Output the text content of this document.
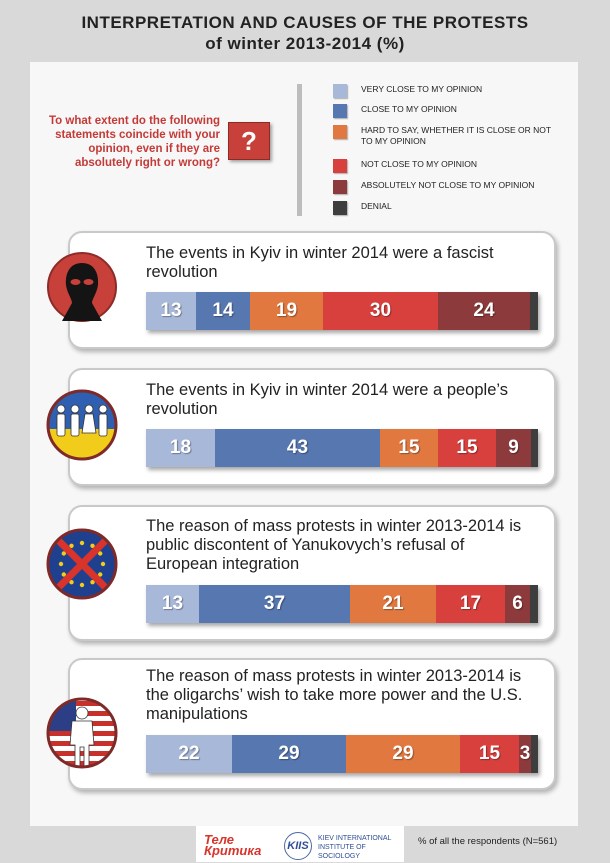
INTERPRETATION AND CAUSES OF THE PROTESTS
of winter 2013-2014 (%)
To what extent do the following statements coincide with your opinion, even if they are absolutely right or wrong?
?
VERY CLOSE TO MY OPINION
CLOSE TO MY OPINION
HARD TO SAY, WHETHER IT IS CLOSE OR NOT TO MY OPINION
NOT CLOSE TO MY OPINION
ABSOLUTELY NOT CLOSE TO MY OPINION
DENIAL
The events in Kyiv in winter 2014 were a fascist revolution
13 14 19	30	24
The events in Kyiv in winter 2014 were a people’s revolution
18	43	15 15 9
The reason of mass protests in winter 2013-2014 is public discontent of Yanukovych’s refusal of European integration
13	37	21	17 6
The reason of mass protests in winter 2013-2014 is the oligarchs’ wish to take more power and the U.S. manipulations
22	29	29	15 3
Теле Критика	KIIS
KIEV INTERNATIONAL INSTITUTE OF SOCIOLOGY
% of all the respondents (N=561)
